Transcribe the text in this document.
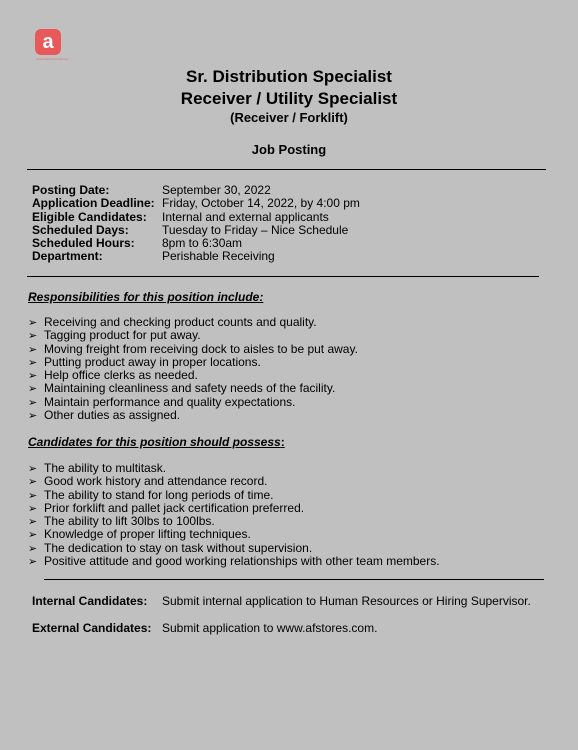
a
Associated Food Stores
Sr. Distribution Specialist
Receiver / Utility Specialist
(Receiver / Forklift)
Job Posting
Posting Date:	September 30, 2022
Application Deadline: Friday, October 14, 2022, by 4:00 pm
Eligible Candidates: Internal and external applicants
Scheduled Days:	Tuesday to Friday – Nice Schedule
Scheduled Hours: 8pm to 6:30am
Department:	Perishable Receiving
Responsibilities for this position include:
➢ Receiving and checking product counts and quality.
➢ Tagging product for put away.
➢ Moving freight from receiving dock to aisles to be put away.
➢ Putting product away in proper locations.
➢ Help office clerks as needed.
➢ Maintaining cleanliness and safety needs of the facility.
➢ Maintain performance and quality expectations.
➢ Other duties as assigned.
Candidates for this position should possess:
➢ The ability to multitask.
➢ Good work history and attendance record.
➢ The ability to stand for long periods of time.
➢ Prior forklift and pallet jack certification preferred.
➢ The ability to lift 30lbs to 100lbs.
➢ Knowledge of proper lifting techniques.
➢ The dedication to stay on task without supervision.
➢ Positive attitude and good working relationships with other team members.
Internal Candidates: Submit internal application to Human Resources or Hiring Supervisor.
External Candidates: Submit application to www.afstores.com.
